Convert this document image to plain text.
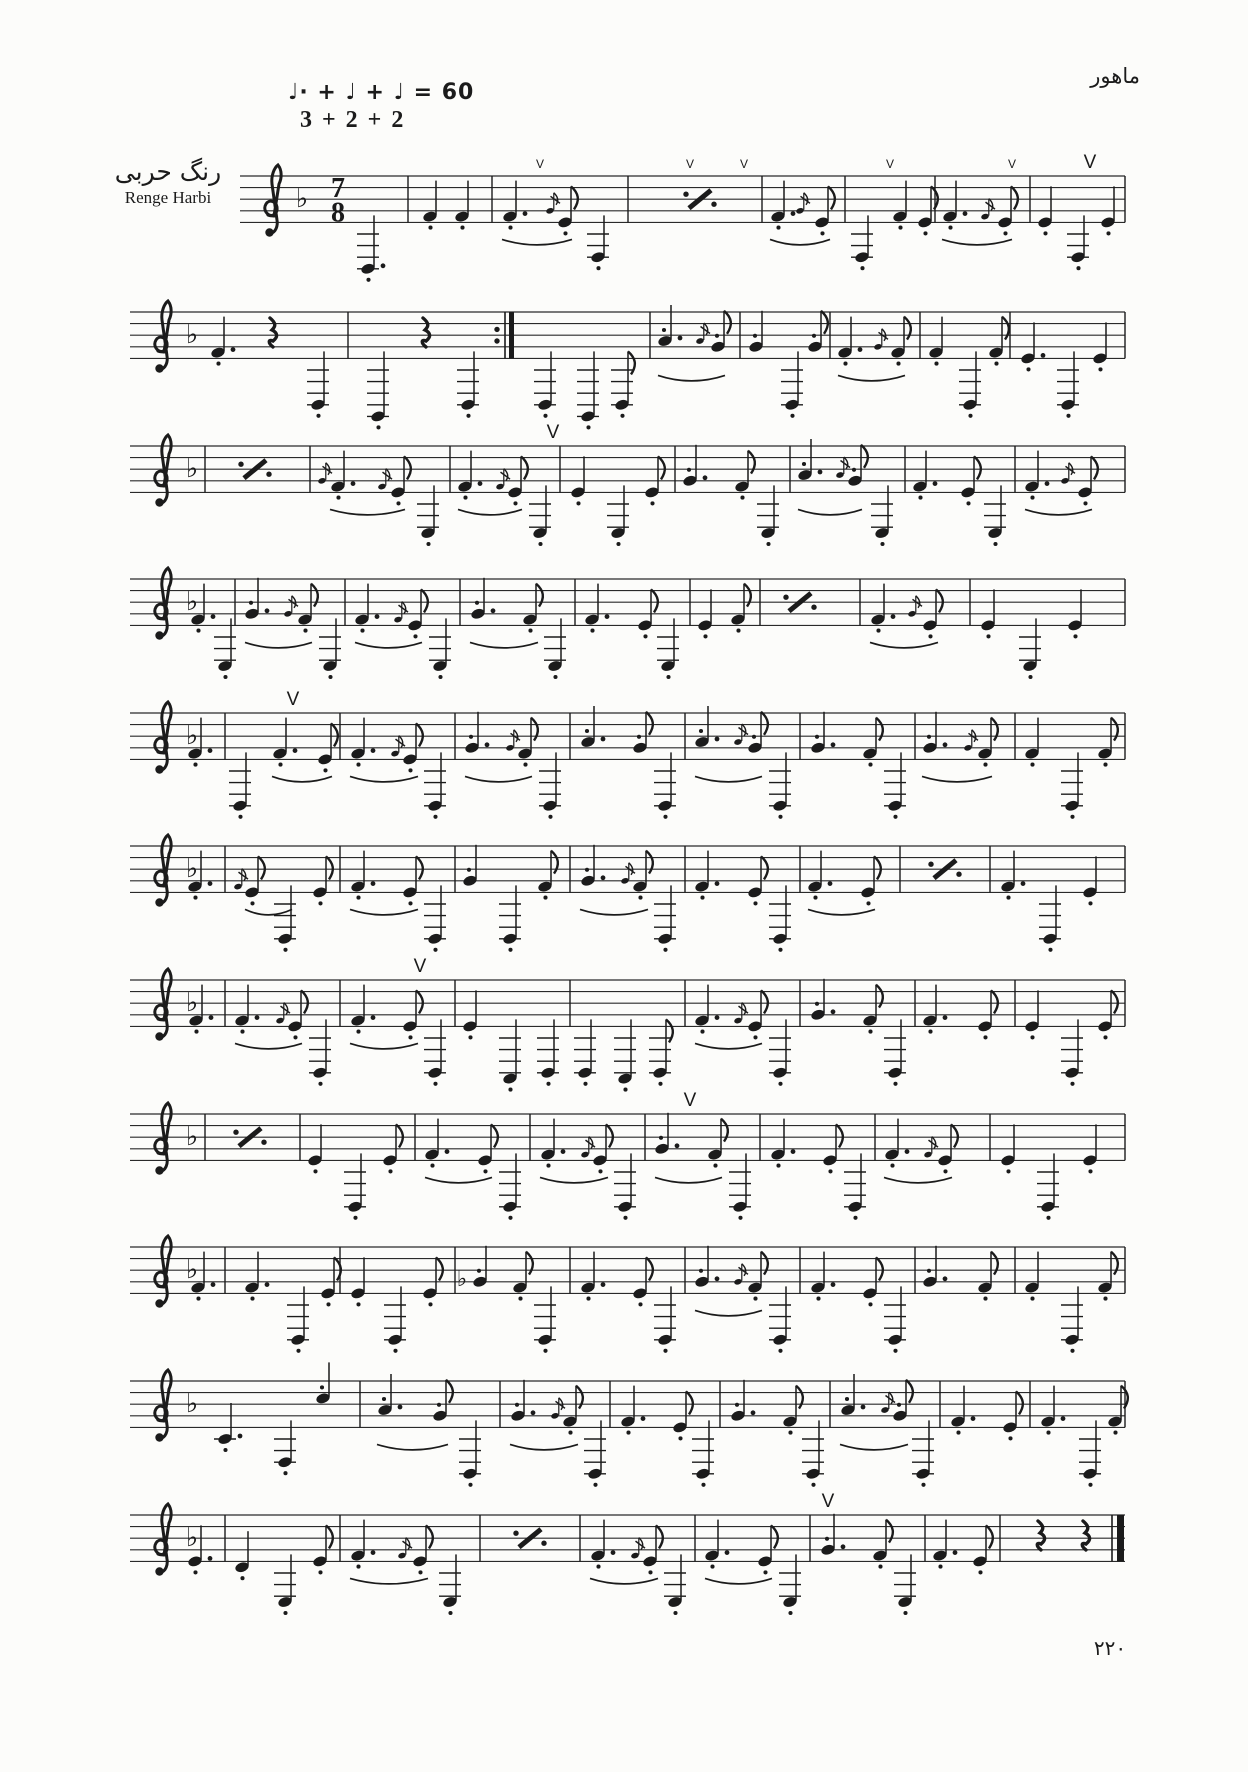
♭ 7
8
V	V	V	V	V	V
♭
♭
V
♭
♭
V
♭
♭
V
♭
V
♭	♭
♭
♭
V
ماهور
♩· + ♩ + ♩ = 60
3 + 2 + 2
رنگ حربی
Renge Harbi
۲۲۰
